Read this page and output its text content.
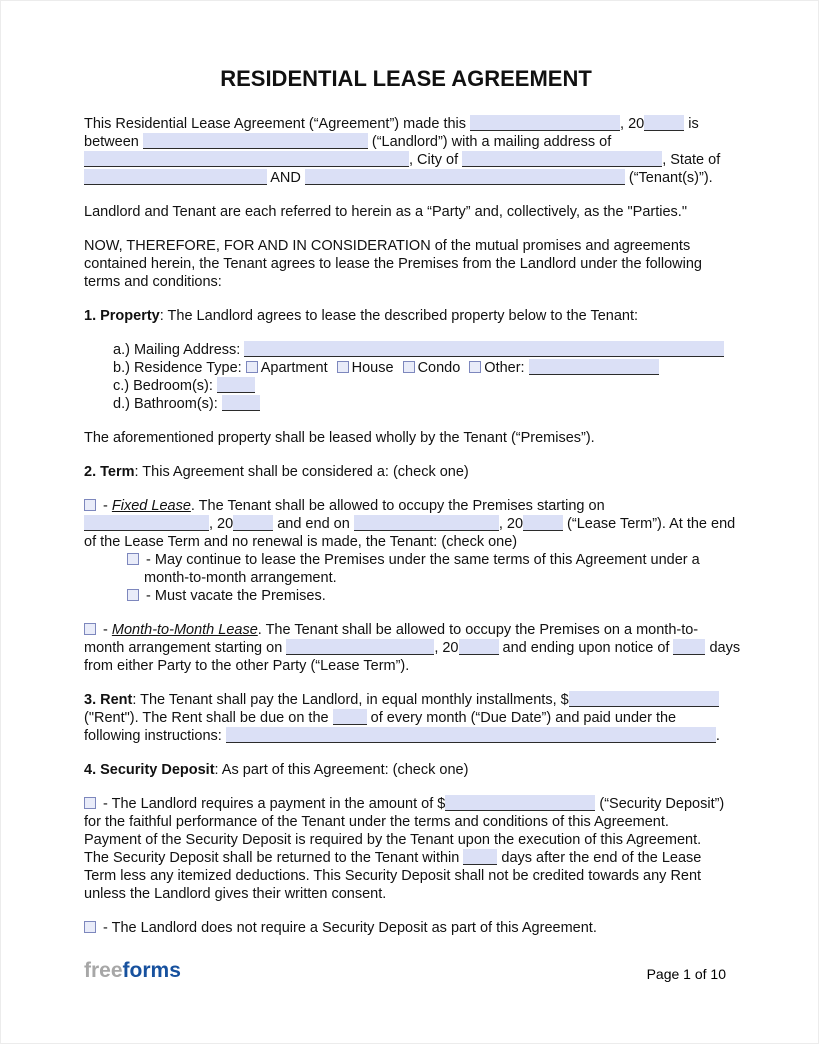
RESIDENTIAL LEASE AGREEMENT
This Residential Lease Agreement (“Agreement”) made this	, 20	is
between	(“Landlord”) with a mailing address of
, City of	, State of
AND	(“Tenant(s)”).
Landlord and Tenant are each referred to herein as a “Party” and, collectively, as the "Parties."
NOW, THEREFORE, FOR AND IN CONSIDERATION of the mutual promises and agreements
contained herein, the Tenant agrees to lease the Premises from the Landlord under the following
terms and conditions:
1. Property: The Landlord agrees to lease the described property below to the Tenant:
a.) Mailing Address:
b.) Residence Type: Apartment House Condo Other:
c.) Bedroom(s):
d.) Bathroom(s):
The aforementioned property shall be leased wholly by the Tenant (“Premises”).
2. Term: This Agreement shall be considered a: (check one)
- Fixed Lease. The Tenant shall be allowed to occupy the Premises starting on
, 20	and end on	, 20	(“Lease Term”). At the end
of the Lease Term and no renewal is made, the Tenant: (check one)
- May continue to lease the Premises under the same terms of this Agreement under a
month-to-month arrangement.
- Must vacate the Premises.
- Month-to-Month Lease. The Tenant shall be allowed to occupy the Premises on a month-to-
month arrangement starting on	, 20	and ending upon notice of  days
from either Party to the other Party (“Lease Term”).
3. Rent: The Tenant shall pay the Landlord, in equal monthly installments, $
("Rent"). The Rent shall be due on the  of every month (“Due Date”) and paid under the
following instructions:	.
4. Security Deposit: As part of this Agreement: (check one)
- The Landlord requires a payment in the amount of $	(“Security Deposit”)
for the faithful performance of the Tenant under the terms and conditions of this Agreement.
Payment of the Security Deposit is required by the Tenant upon the execution of this Agreement.
The Security Deposit shall be returned to the Tenant within  days after the end of the Lease
Term less any itemized deductions. This Security Deposit shall not be credited towards any Rent
unless the Landlord gives their written consent.
- The Landlord does not require a Security Deposit as part of this Agreement.
freeforms	Page 1 of 10
